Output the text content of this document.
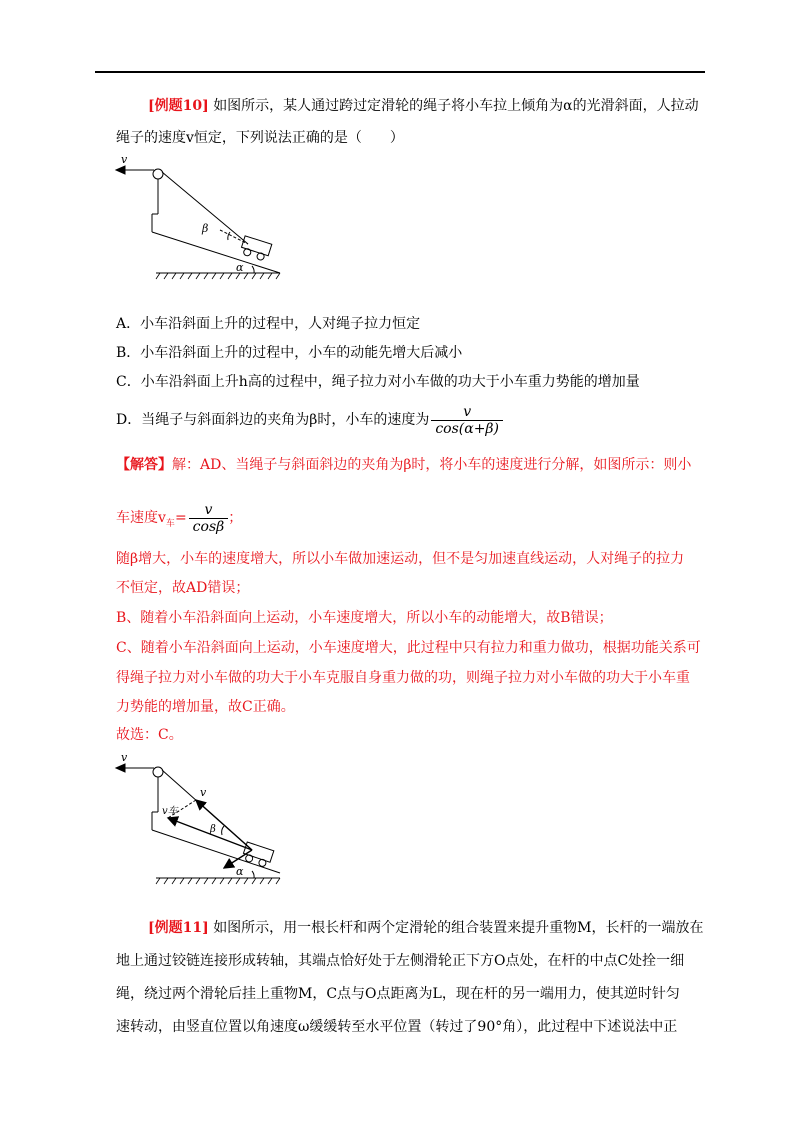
[例题10] 如图所示，某人通过跨过定滑轮的绳子将小车拉上倾角为α的光滑斜面，人拉动
绳子的速度v恒定，下列说法正确的是（　　）
v
β
α
A．小车沿斜面上升的过程中，人对绳子拉力恒定
B．小车沿斜面上升的过程中，小车的动能先增大后减小
C．小车沿斜面上升h高的过程中，绳子拉力对小车做的功大于小车重力势能的增加量
D．当绳子与斜面斜边的夹角为β时，小车的速度为 $\frac{v}{\cos(\alpha+\beta)}$
【解答】解：AD、当绳子与斜面斜边的夹角为β时，将小车的速度进行分解，如图所示：则小
车速度$v_车= \frac{v}{\cos\beta}$ ；
随β增大，小车的速度增大，所以小车做加速运动，但不是匀加速直线运动，人对绳子的拉力
不恒定，故AD错误；
B、随着小车沿斜面向上运动，小车速度增大，所以小车的动能增大，故B错误；
C、随着小车沿斜面向上运动，小车速度增大，此过程中只有拉力和重力做功，根据功能关系可
得绳子拉力对小车做的功大于小车克服自身重力做的功，则绳子拉力对小车做的功大于小车重
力势能的增加量，故C正确。
故选：C。
v
v
v车
β
α
[例题11] 如图所示，用一根长杆和两个定滑轮的组合装置来提升重物M，长杆的一端放在
地上通过铰链连接形成转轴，其端点恰好处于左侧滑轮正下方O点处，在杆的中点C处拴一细
绳，绕过两个滑轮后挂上重物M，C点与O点距离为L，现在杆的另一端用力，使其逆时针匀
速转动，由竖直位置以角速度ω缓缓转至水平位置（转过了90°角），此过程中下述说法中正
